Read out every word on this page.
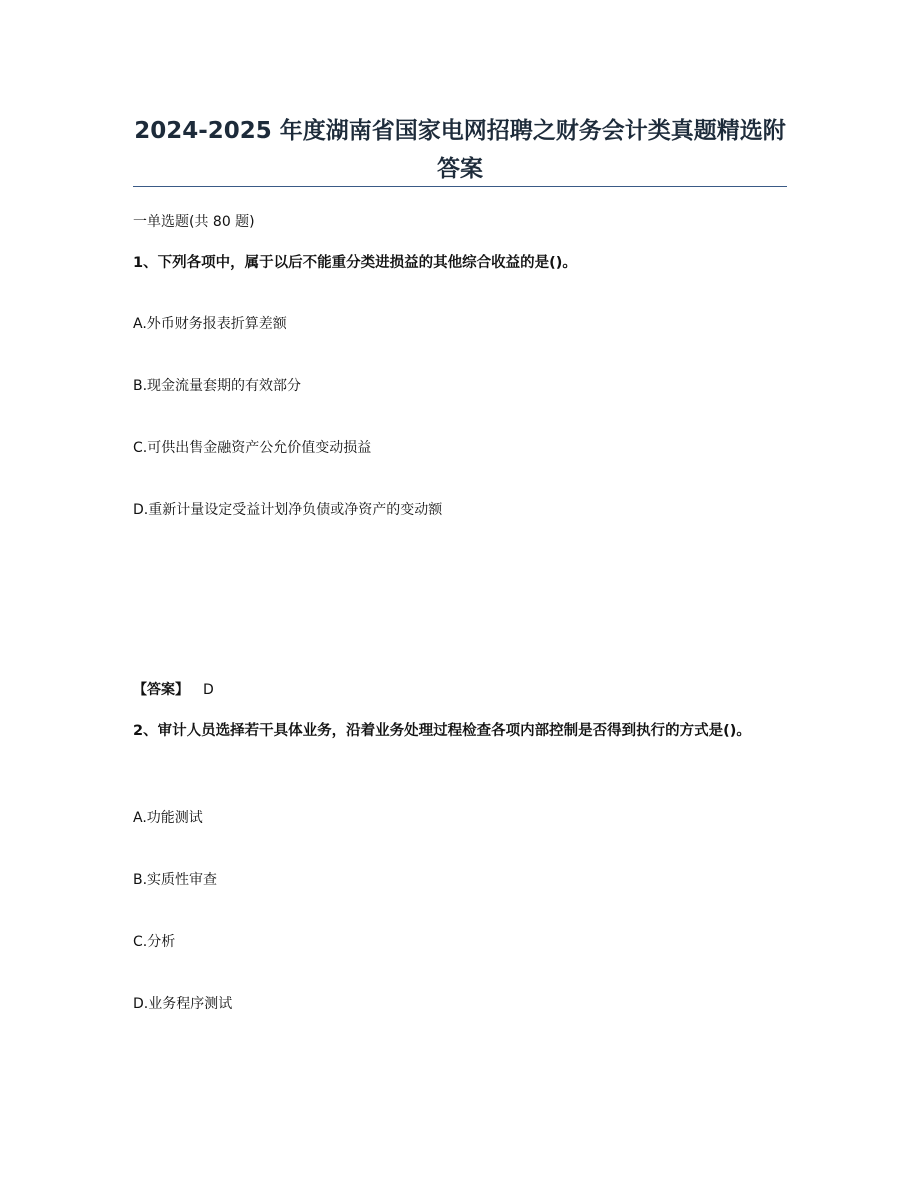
2024-2025 年度湖南省国家电网招聘之财务会计类真题精选附答案
一单选题(共 80 题)
1、下列各项中，属于以后不能重分类进损益的其他综合收益的是()。
A.外币财务报表折算差额
B.现金流量套期的有效部分
C.可供出售金融资产公允价值变动损益
D.重新计量设定受益计划净负债或净资产的变动额
【答案】 D
2、审计人员选择若干具体业务，沿着业务处理过程检查各项内部控制是否得到执行的方式是()。
A.功能测试
B.实质性审查
C.分析
D.业务程序测试
